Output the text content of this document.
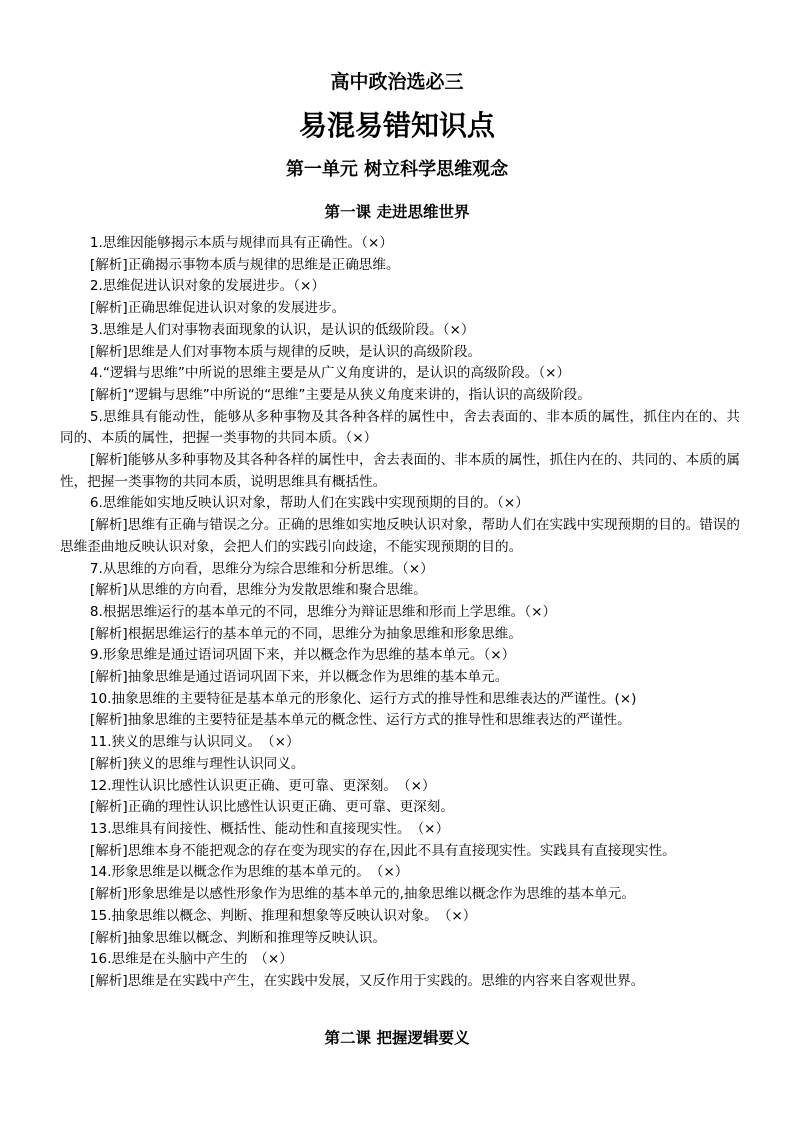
高中政治选必三
易混易错知识点
第一单元 树立科学思维观念
第一课 走进思维世界

1.思维因能够揭示本质与规律而具有正确性。（×）

[解析]正确揭示事物本质与规律的思维是正确思维。

2.思维促进认识对象的发展进步。（×）

[解析]正确思维促进认识对象的发展进步。

3.思维是人们对事物表面现象的认识，是认识的低级阶段。（×）

[解析]思维是人们对事物本质与规律的反映，是认识的高级阶段。

4.“逻辑与思维”中所说的思维主要是从广义角度讲的，是认识的高级阶段。（×）

[解析]“逻辑与思维”中所说的“思维”主要是从狭义角度来讲的，指认识的高级阶段。

5.思维具有能动性，能够从多种事物及其各种各样的属性中，舍去表面的、非本质的属性，抓住内在的、共同的、本质的属性，把握一类事物的共同本质。（×）

[解析]能够从多种事物及其各种各样的属性中，舍去表面的、非本质的属性，抓住内在的、共同的、本质的属性，把握一类事物的共同本质，说明思维具有概括性。

6.思维能如实地反映认识对象，帮助人们在实践中实现预期的目的。（×）

[解析]思维有正确与错误之分。正确的思维如实地反映认识对象，帮助人们在实践中实现预期的目的。错误的思维歪曲地反映认识对象，会把人们的实践引向歧途，不能实现预期的目的。

7.从思维的方向看，思维分为综合思维和分析思维。（×）

[解析]从思维的方向看，思维分为发散思维和聚合思维。

8.根据思维运行的基本单元的不同，思维分为辩证思维和形而上学思维。（×）

[解析]根据思维运行的基本单元的不同，思维分为抽象思维和形象思维。

9.形象思维是通过语词巩固下来，并以概念作为思维的基本单元。（×）

[解析]抽象思维是通过语词巩固下来，并以概念作为思维的基本单元。

10.抽象思维的主要特征是基本单元的形象化、运行方式的推导性和思维表达的严谨性。(×)

[解析]抽象思维的主要特征是基本单元的概念性、运行方式的推导性和思维表达的严谨性。

11.狭义的思维与认识同义。　（×）

[解析]狭义的思维与理性认识同义。

12.理性认识比感性认识更正确、更可靠、更深刻。　（×）

[解析]正确的理性认识比感性认识更正确、更可靠、更深刻。

13.思维具有间接性、概括性、能动性和直接现实性。　（×）

[解析]思维本身不能把观念的存在变为现实的存在,因此不具有直接现实性。实践具有直接现实性。

14.形象思维是以概念作为思维的基本单元的。　（×）

[解析]形象思维是以感性形象作为思维的基本单元的,抽象思维以概念作为思维的基本单元。

15.抽象思维以概念、判断、推理和想象等反映认识对象。　（×）

[解析]抽象思维以概念、判断和推理等反映认识。

16.思维是在头脑中产生的　（×）

[解析]思维是在实践中产生，在实践中发展，又反作用于实践的。思维的内容来自客观世界。

第二课 把握逻辑要义
